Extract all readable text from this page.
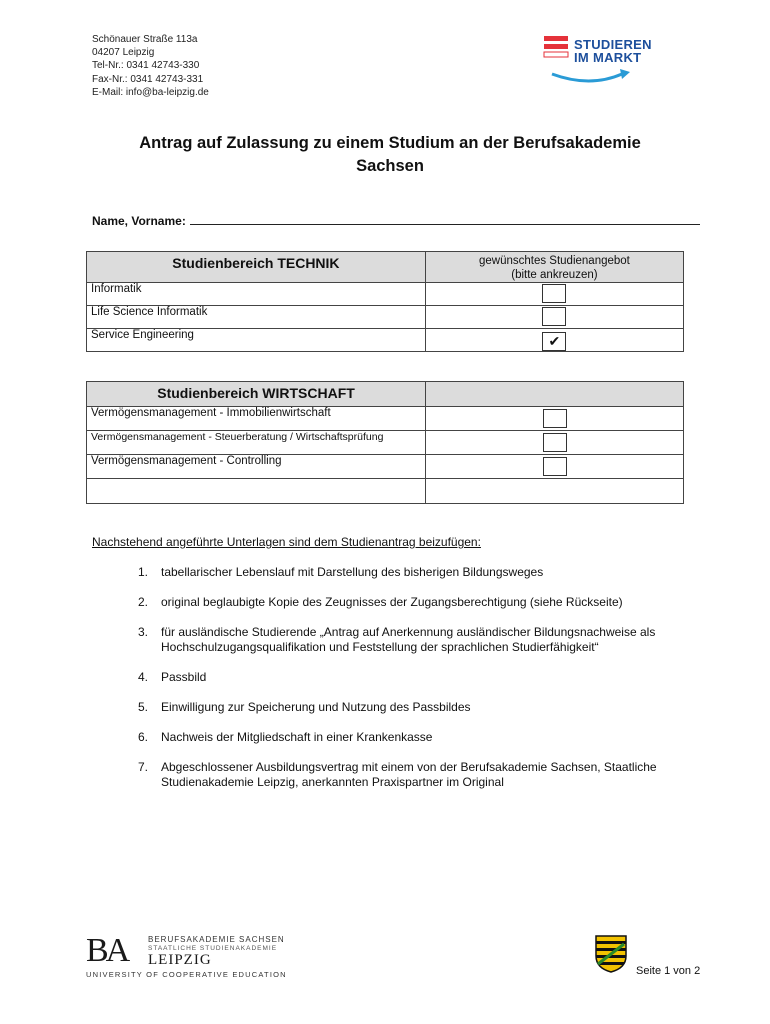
Schönauer Straße 113a
04207 Leipzig
Tel-Nr.: 0341 42743-330
Fax-Nr.: 0341 42743-331
E-Mail: info@ba-leipzig.de
STUDIEREN
IM MARKT
Antrag auf Zulassung zu einem Studium an der Berufsakademie
Sachsen
Name, Vorname:
Studienbereich TECHNIK	gewünschtes Studienangebot
(bitte ankreuzen)

Informatik	
Life Science Informatik	
Service Engineering	✔
Studienbereich WIRTSCHAFT	

Vermögensmanagement - Immobilienwirtschaft	
Vermögensmanagement - Steuerberatung / Wirtschaftsprüfung	
Vermögensmanagement - Controlling	

Nachstehend angeführte Unterlagen sind dem Studienantrag beizufügen:
1. tabellarischer Lebenslauf mit Darstellung des bisherigen Bildungsweges
2. original beglaubigte Kopie des Zeugnisses der Zugangsberechtigung (siehe Rückseite)
3. für ausländische Studierende „Antrag auf Anerkennung ausländischer Bildungsnachweise als
Hochschulzugangsqualifikation und Feststellung der sprachlichen Studierfähigkeit“
4. Passbild
5. Einwilligung zur Speicherung und Nutzung des Passbildes
6. Nachweis der Mitgliedschaft in einer Krankenkasse
7. Abgeschlossener Ausbildungsvertrag mit einem von der Berufsakademie Sachsen, Staatliche
Studienakademie Leipzig, anerkannten Praxispartner im Original
BA	BERUFSAKADEMIE SACHSEN
STAATLICHE STUDIENAKADEMIE
LEIPZIG
UNIVERSITY OF COOPERATIVE EDUCATION	Seite 1 von 2
